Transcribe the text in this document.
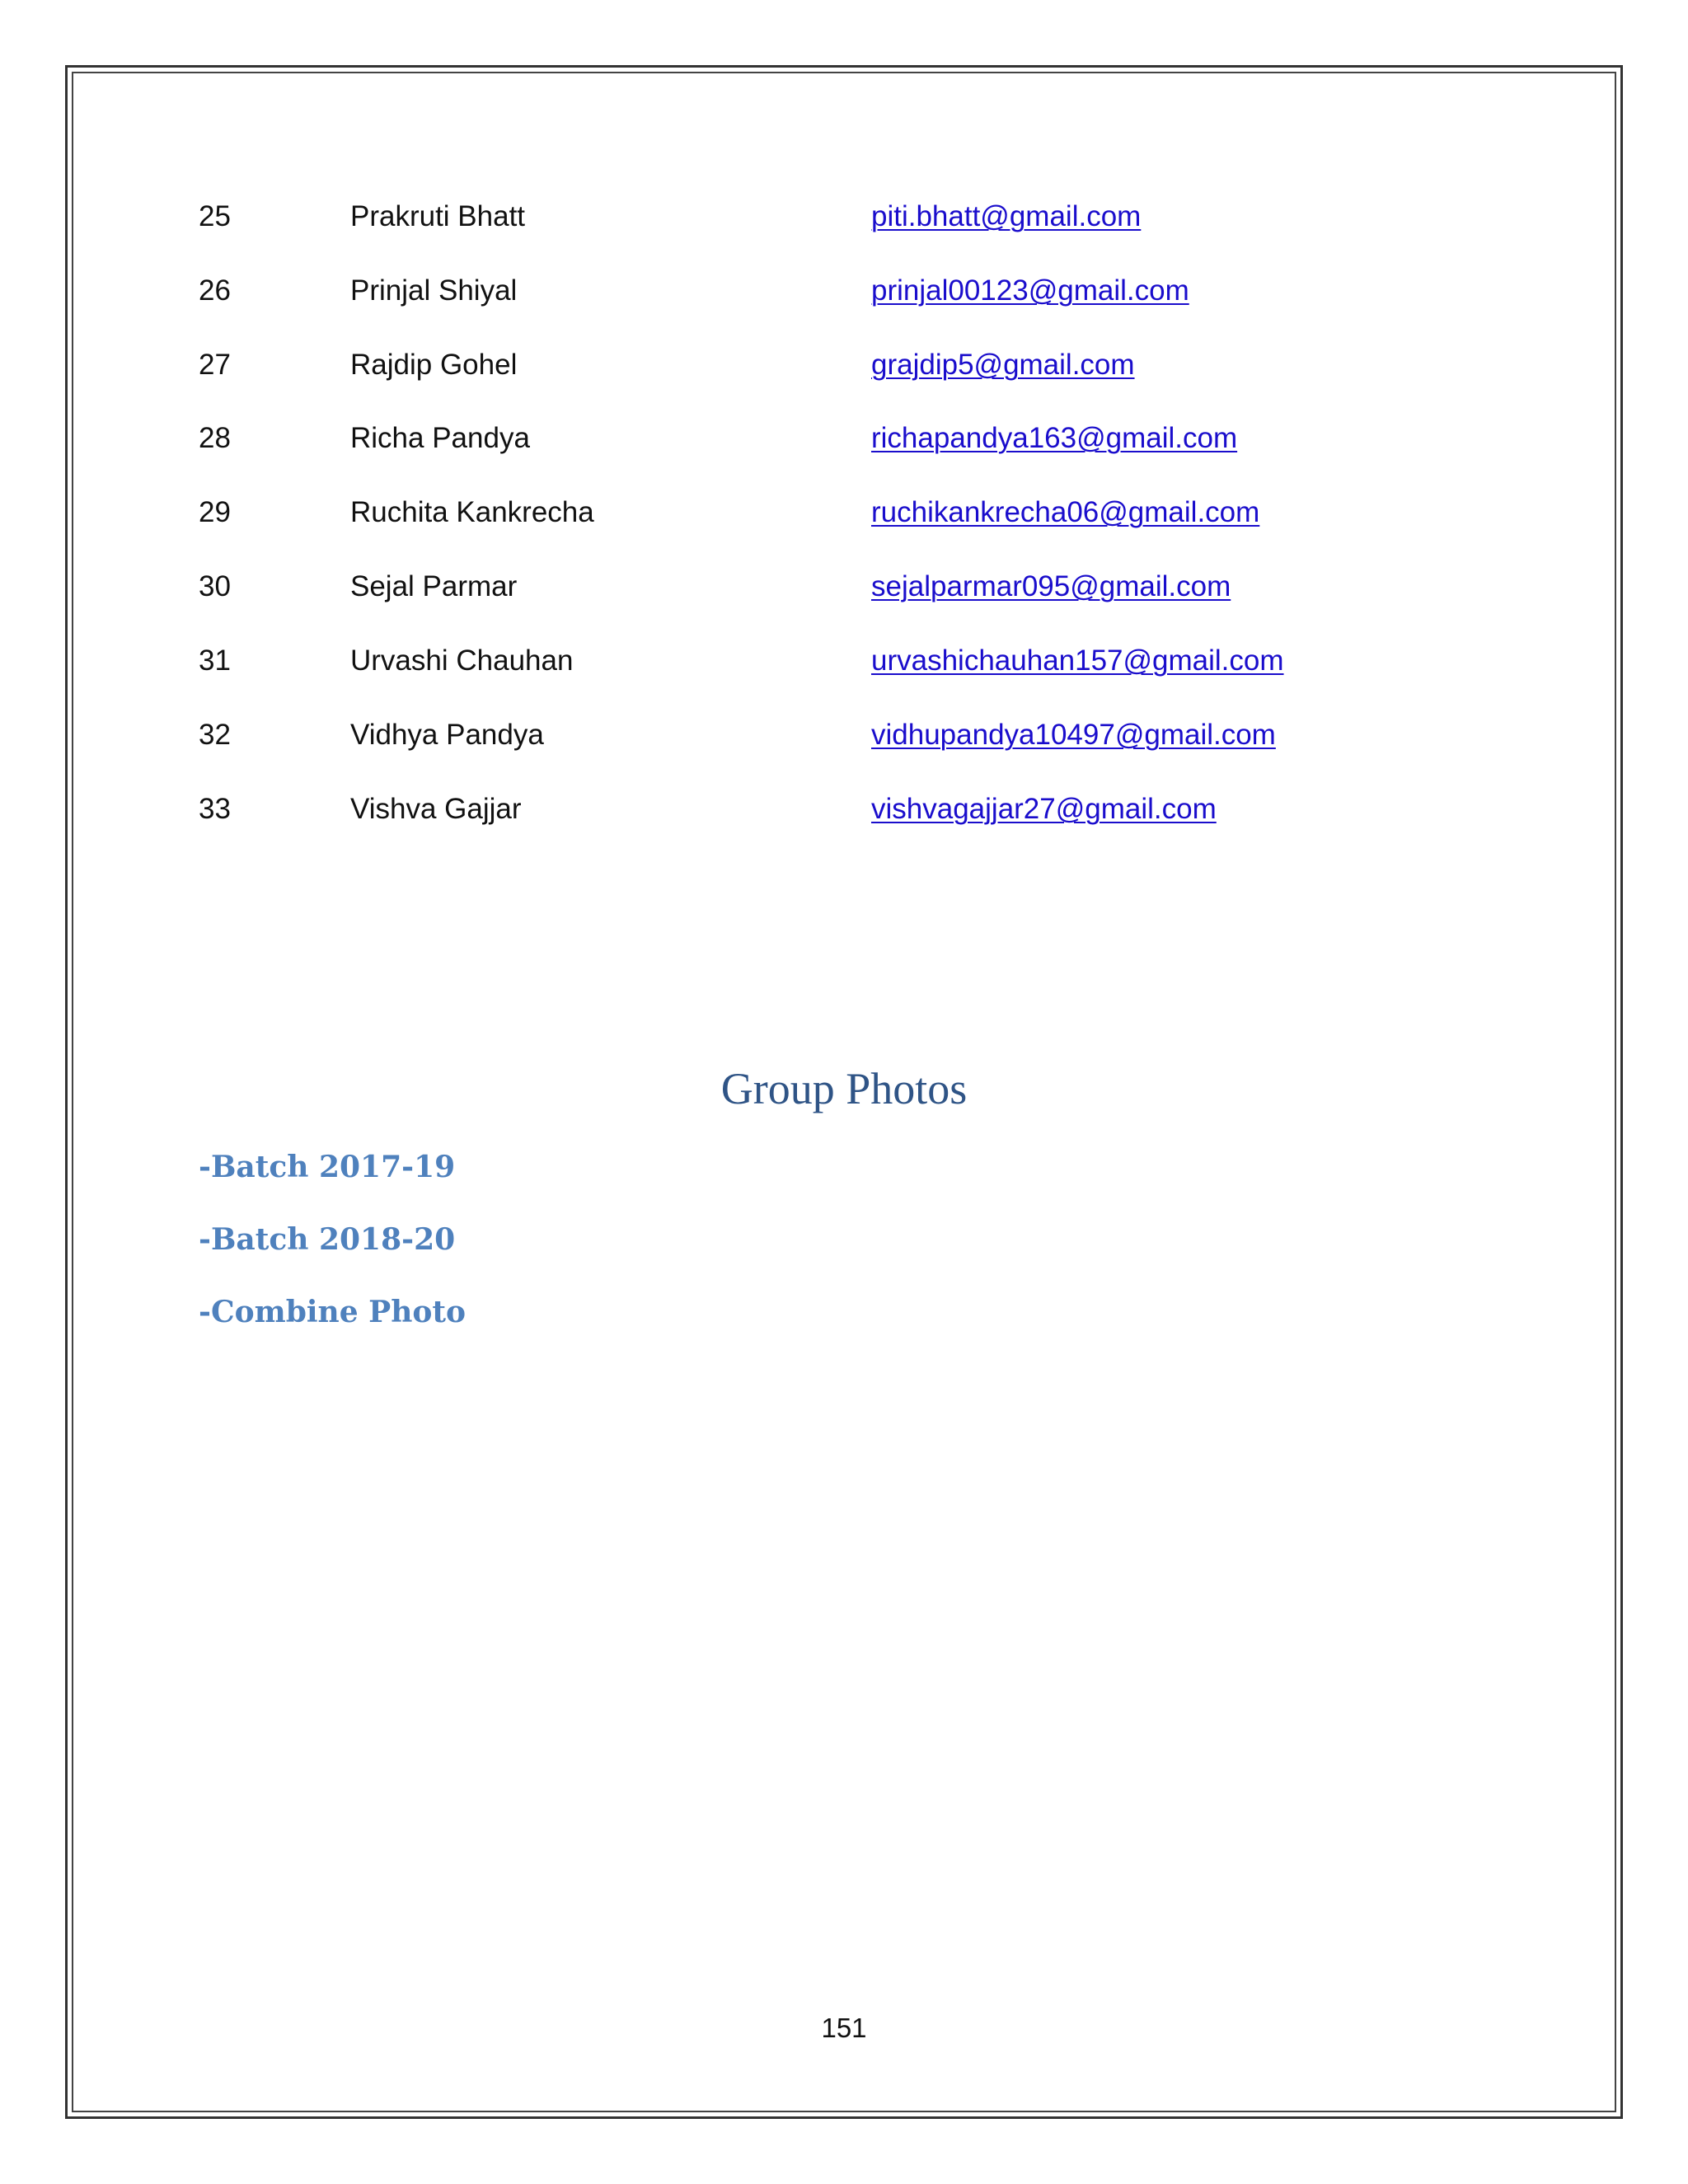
25	Prakruti Bhatt	piti.bhatt@gmail.com
26	Prinjal Shiyal	prinjal00123@gmail.com
27	Rajdip Gohel	grajdip5@gmail.com
28	Richa Pandya	richapandya163@gmail.com
29	Ruchita Kankrecha	ruchikankrecha06@gmail.com
30	Sejal Parmar	sejalparmar095@gmail.com
31	Urvashi Chauhan	urvashichauhan157@gmail.com
32	Vidhya Pandya	vidhupandya10497@gmail.com
33	Vishva Gajjar	vishvagajjar27@gmail.com
Group Photos
-Batch 2017-19
-Batch 2018-20
-Combine Photo
151
